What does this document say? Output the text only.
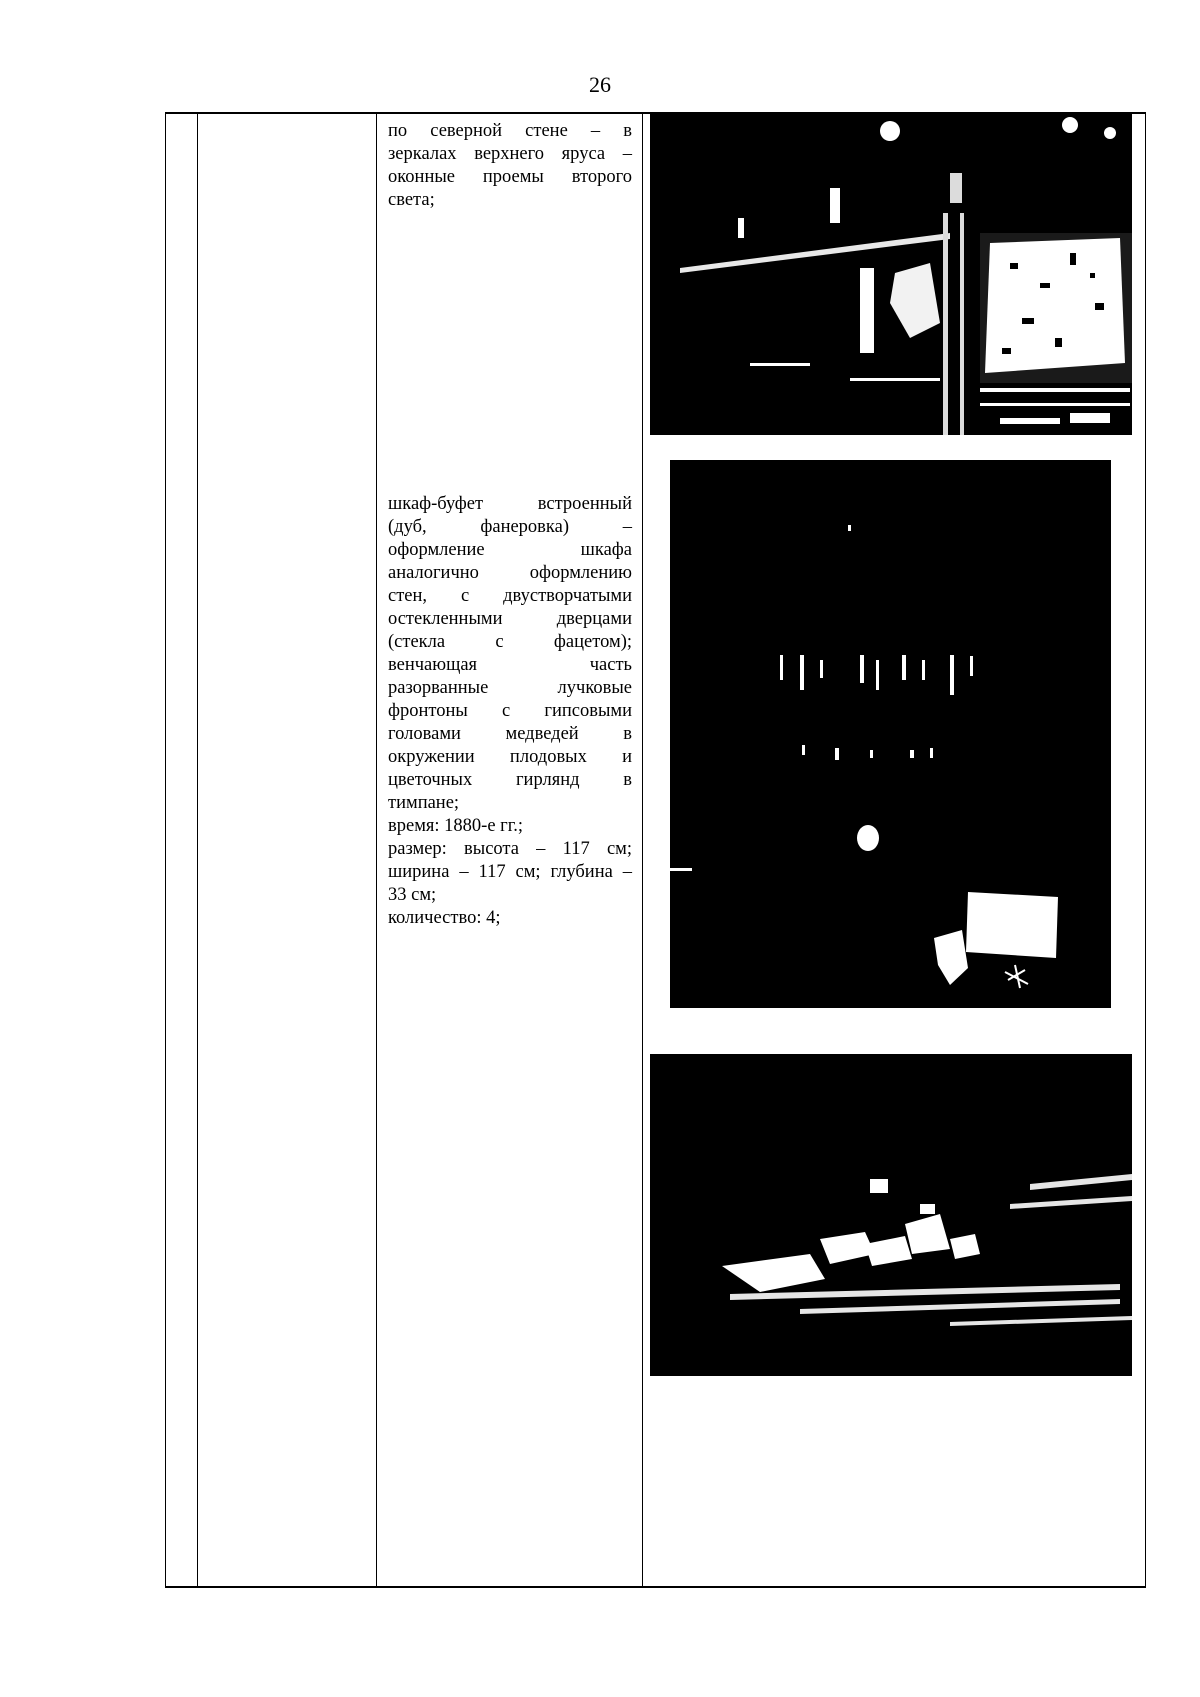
26

по северной стене – в

зеркалах верхнего яруса –

оконные проемы второго

света;

шкаф-буфет встроенный

(дуб, фанеровка) –

оформление шкафа

аналогично оформлению

стен, с двустворчатыми

остекленными дверцами

(стекла с фацетом);

венчающая часть

разорванные лучковые

фронтоны с гипсовыми

головами медведей в

окружении плодовых и

цветочных гирлянд в

тимпане;

время: 1880-е гг.;

размер: высота – 117 см;

ширина – 117 см; глубина –

33 см;

количество: 4;
